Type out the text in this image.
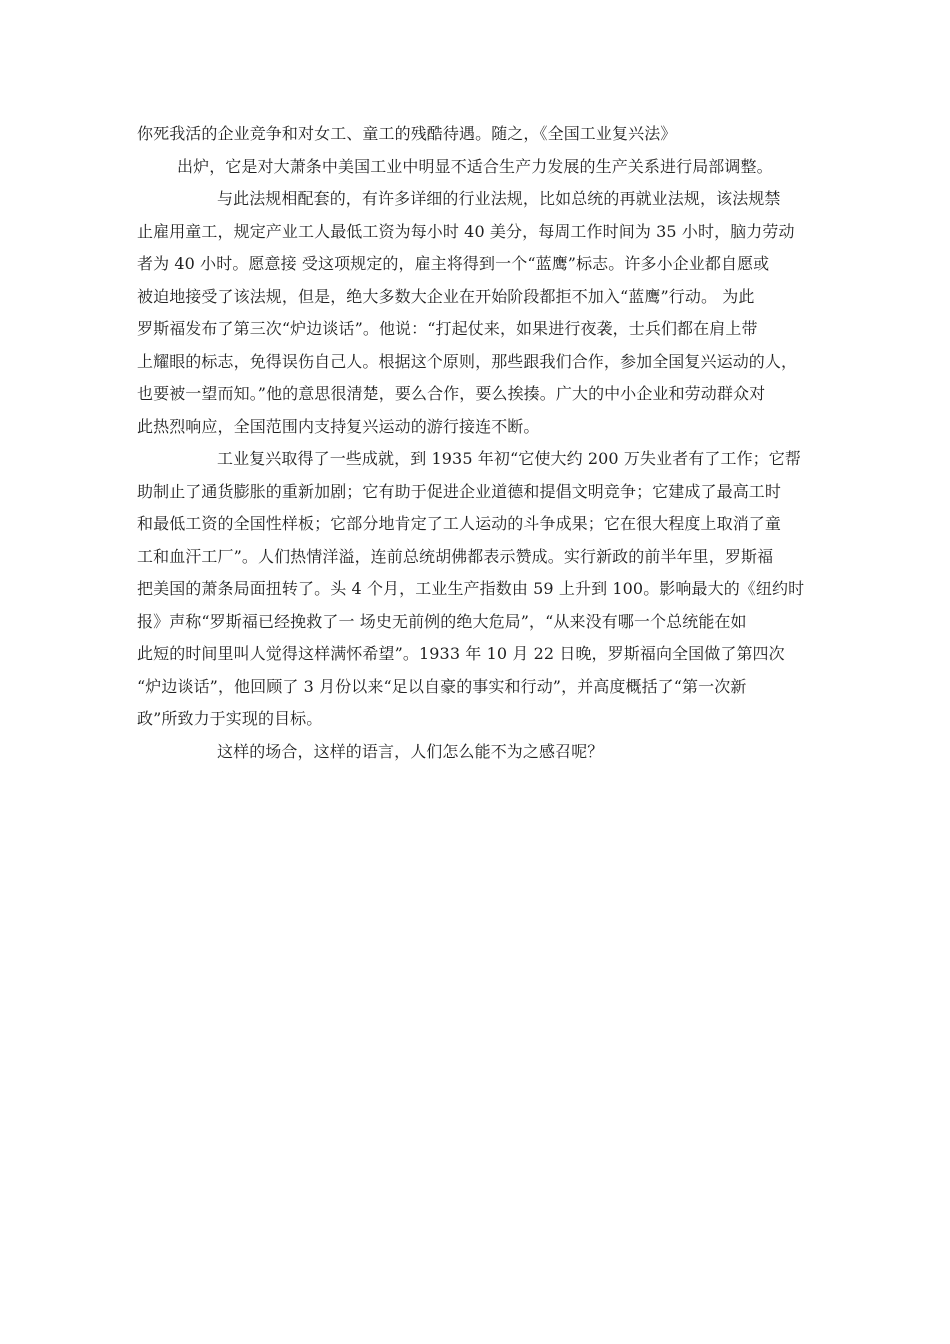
你死我活的企业竞争和对女工、童工的残酷待遇。随之，《全国工业复兴法》

出炉，它是对大萧条中美国工业中明显不适合生产力发展的生产关系进行局部调整。

与此法规相配套的，有许多详细的行业法规，比如总统的再就业法规，该法规禁
止雇用童工，规定产业工人最低工资为每小时 40 美分，每周工作时间为 35 小时，脑力劳动
者为 40 小时。愿意接 受这项规定的，雇主将得到一个“蓝鹰”标志。许多小企业都自愿或
被迫地接受了该法规，但是，绝大多数大企业在开始阶段都拒不加入“蓝鹰”行动。 为此
罗斯福发布了第三次“炉边谈话”。他说：“打起仗来，如果进行夜袭，士兵们都在肩上带
上耀眼的标志，免得误伤自己人。根据这个原则，那些跟我们合作，参加全国复兴运动的人，
也要被一望而知。”他的意思很清楚，要么合作，要么挨揍。广大的中小企业和劳动群众对
此热烈响应，全国范围内支持复兴运动的游行接连不断。

工业复兴取得了一些成就，到 1935 年初“它使大约 200 万失业者有了工作；它帮
助制止了通货膨胀的重新加剧；它有助于促进企业道德和提倡文明竞争；它建成了最高工时
和最低工资的全国性样板；它部分地肯定了工人运动的斗争成果；它在很大程度上取消了童
工和血汗工厂”。人们热情洋溢，连前总统胡佛都表示赞成。实行新政的前半年里，罗斯福
把美国的萧条局面扭转了。头 4 个月，工业生产指数由 59 上升到 100。影响最大的《纽约时
报》声称“罗斯福已经挽救了一 场史无前例的绝大危局”，“从来没有哪一个总统能在如
此短的时间里叫人觉得这样满怀希望”。1933 年 10 月 22 日晚，罗斯福向全国做了第四次
“炉边谈话”，他回顾了 3 月份以来“足以自豪的事实和行动”，并高度概括了“第一次新
政”所致力于实现的目标。

这样的场合，这样的语言，人们怎么能不为之感召呢？
